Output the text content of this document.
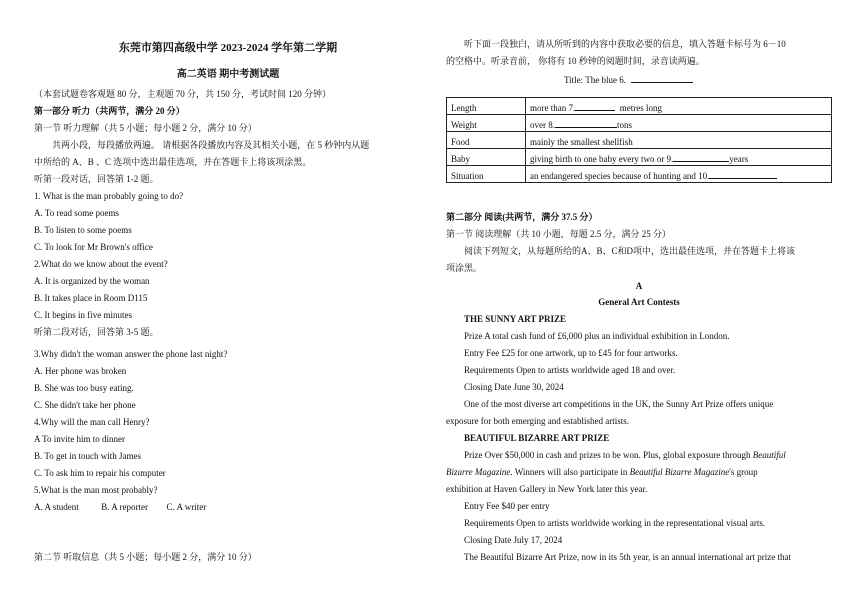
东莞市第四高级中学 2023-2024 学年第二学期
高二英语 期中考测试题
（本套试题卷客观题 80 分，主观题 70 分，共 150 分，考试时间 120 分钟）
第一部分 听力（共两节，满分 20 分）
第一节 听力理解（共 5 小题；每小题 2 分，满分 10 分）
共两小段，每段播放两遍。 请根据各段播放内容及其相关小题，在 5 秒钟内从题
中所给的 A、B 、C 选项中选出最佳选项，并在答题卡上将该项涂黑。
听第一段对话，回答第 1-2 题。
1. What is the man probably going to do?
A. To read some poems
B. To listen to some poems
C. To look for Mr Brown's office
2.What do we know about the event?
A. It is organized by the woman
B. It takes place in Room D115
C. It begins in five minutes
听第二段对话，回答第 3-5 题。
3.Why didn't the woman answer the phone last night?
A. Her phone was broken
B. She was too busy eating.
C. She didn't take her phone
4.Why will the man call Henry?
A To invite him to dinner
B. To get in touch with James
C. To ask him to repair his computer
5.What is the man most probably?
A. A student	B. A reporter C. A writer
第二节 听取信息（共 5 小题；每小题 2 分，满分 10 分）
听下面一段独白，请从所听到的内容中获取必要的信息，填入答题卡标号为 6－10
的空格中。听录音前， 你将有 10 秒钟的阅题时间，录音读两遍。
Title: The blue 6.
Length	more than 7. metres long
Weight	over 8. tons
Food	mainly the smallest shellfish
Baby	giving birth to one baby every two or 9. years
Situation	an endangered species because of hunting and 10.
第二部分 阅读(共两节，满分 37.5 分）
第一节 阅读理解（共 10 小题，每题 2.5 分，满分 25 分）
阅读下列短文，从每题所给的A、B、C和D项中，选出最佳选项，并在答题卡上将该
项涂黑。
A
General Art Contests
THE SUNNY ART PRIZE
Prize A total cash fund of £6,000 plus an individual exhibition in London.
Entry Fee £25 for one artwork, up to £45 for four artworks.
Requirements Open to artists worldwide aged 18 and over.
Closing Date June 30, 2024
One of the most diverse art competitions in the UK, the Sunny Art Prize offers unique
exposure for both emerging and established artists.
BEAUTIFUL BIZARRE ART PRIZE
Prize Over $50,000 in cash and prizes to be won. Plus, global exposure through Beautiful
Bizarre Magazine. Winners will also participate in Beautiful Bizarre Magazine's group
exhibition at Haven Gallery in New York later this year.
Entry Fee $40 per entry
Requirements Open to artists worldwide working in the representational visual arts.
Closing Date July 17, 2024
The Beautiful Bizarre Art Prize, now in its 5th year, is an annual international art prize that
